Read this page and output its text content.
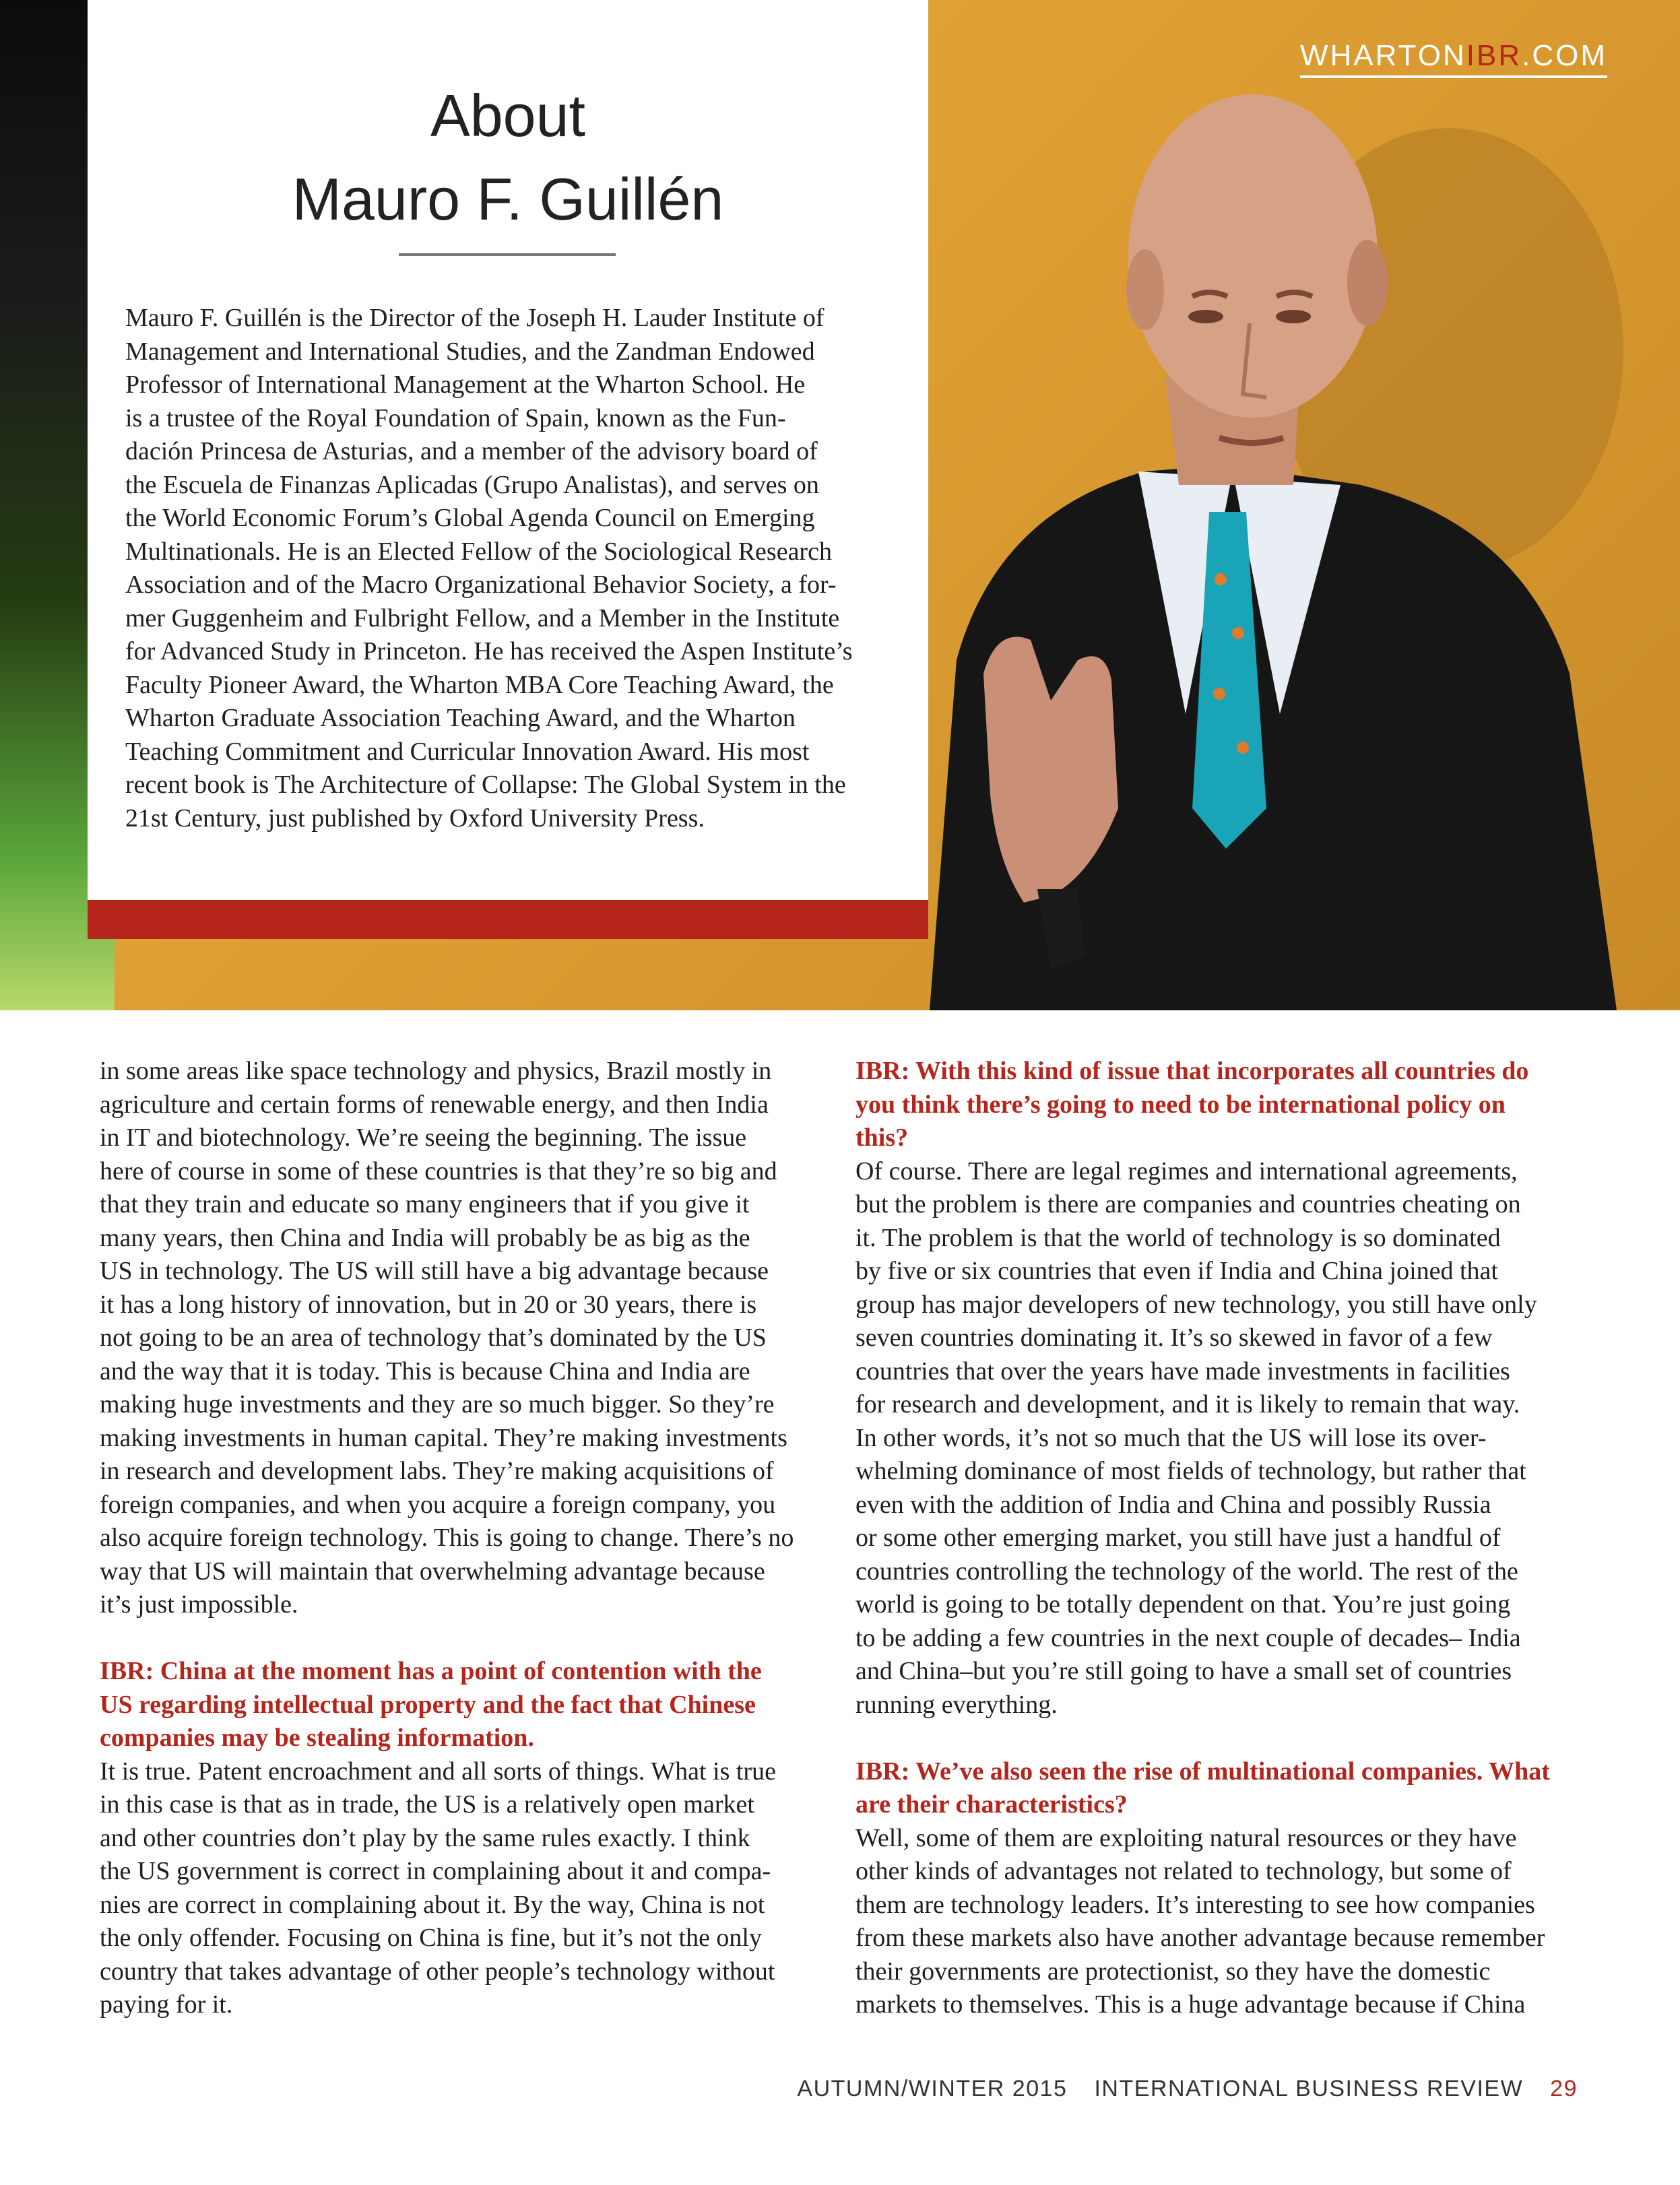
WHARTONIBR.COM
About
Mauro F. Guillén

Mauro F. Guillén is the Director of the Joseph H. Lauder Institute of
Management and International Studies, and the Zandman Endowed
Professor of International Management at the Wharton School. He
is a trustee of the Royal Foundation of Spain, known as the Fun-
dación Princesa de Asturias, and a member of the advisory board of
the Escuela de Finanzas Aplicadas (Grupo Analistas), and serves on
the World Economic Forum’s Global Agenda Council on Emerging
Multinationals. He is an Elected Fellow of the Sociological Research
Association and of the Macro Organizational Behavior Society, a for-
mer Guggenheim and Fulbright Fellow, and a Member in the Institute
for Advanced Study in Princeton. He has received the Aspen Institute’s
Faculty Pioneer Award, the Wharton MBA Core Teaching Award, the
Wharton Graduate Association Teaching Award, and the Wharton
Teaching Commitment and Curricular Innovation Award. His most
recent book is The Architecture of Collapse: The Global System in the
21st Century, just published by Oxford University Press.

in some areas like space technology and physics, Brazil mostly in
agriculture and certain forms of renewable energy, and then India
in IT and biotechnology. We’re seeing the beginning. The issue
here of course in some of these countries is that they’re so big and
that they train and educate so many engineers that if you give it
many years, then China and India will probably be as big as the
US in technology. The US will still have a big advantage because
it has a long history of innovation, but in 20 or 30 years, there is
not going to be an area of technology that’s dominated by the US
and the way that it is today. This is because China and India are
making huge investments and they are so much bigger. So they’re
making investments in human capital. They’re making investments
in research and development labs. They’re making acquisitions of
foreign companies, and when you acquire a foreign company, you
also acquire foreign technology. This is going to change. There’s no
way that US will maintain that overwhelming advantage because
it’s just impossible.

IBR: China at the moment has a point of contention with the
US regarding intellectual property and the fact that Chinese
companies may be stealing information.

It is true. Patent encroachment and all sorts of things. What is true
in this case is that as in trade, the US is a relatively open market
and other countries don’t play by the same rules exactly. I think
the US government is correct in complaining about it and compa-
nies are correct in complaining about it. By the way, China is not
the only offender. Focusing on China is fine, but it’s not the only
country that takes advantage of other people’s technology without
paying for it.

IBR: With this kind of issue that incorporates all countries do
you think there’s going to need to be international policy on
this?

Of course. There are legal regimes and international agreements,
but the problem is there are companies and countries cheating on
it. The problem is that the world of technology is so dominated
by five or six countries that even if India and China joined that
group has major developers of new technology, you still have only
seven countries dominating it. It’s so skewed in favor of a few
countries that over the years have made investments in facilities
for research and development, and it is likely to remain that way.
In other words, it’s not so much that the US will lose its over-
whelming dominance of most fields of technology, but rather that
even with the addition of India and China and possibly Russia
or some other emerging market, you still have just a handful of
countries controlling the technology of the world. The rest of the
world is going to be totally dependent on that. You’re just going
to be adding a few countries in the next couple of decades– India
and China–but you’re still going to have a small set of countries
running everything.

IBR: We’ve also seen the rise of multinational companies. What
are their characteristics?

Well, some of them are exploiting natural resources or they have
other kinds of advantages not related to technology, but some of
them are technology leaders. It’s interesting to see how companies
from these markets also have another advantage because remember
their governments are protectionist, so they have the domestic
markets to themselves. This is a huge advantage because if China

AUTUMN/WINTER 2015 INTERNATIONAL BUSINESS REVIEW 29
